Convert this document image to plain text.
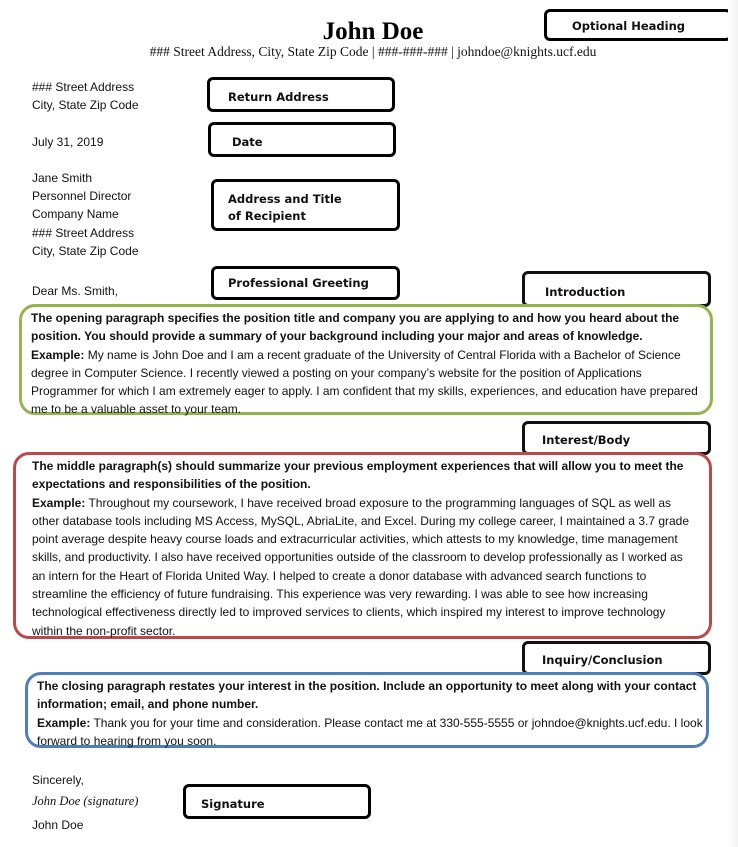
John Doe
### Street Address, City, State Zip Code | ###-###-### | johndoe@knights.ucf.edu
Optional Heading
### Street Address
City, State Zip Code
Return Address
July 31, 2019	Date
Jane Smith
Personnel Director
Company Name
### Street Address
City, State Zip Code
Address and Title
of Recipient
Dear Ms. Smith,
Professional Greeting
Introduction

The opening paragraph specifies the position title and company you are applying to and how you heard about the position. You should provide a summary of your background including your major and areas of knowledge.
Example: My name is John Doe and I am a recent graduate of the University of Central Florida with a Bachelor of Science degree in Computer Science. I recently viewed a posting on your company’s website for the position of Applications Programmer for which I am extremely eager to apply. I am confident that my skills, experiences, and education have prepared me to be a valuable asset to your team.

Interest/Body

The middle paragraph(s) should summarize your previous employment experiences that will allow you to meet the expectations and responsibilities of the position.
Example: Throughout my coursework, I have received broad exposure to the programming languages of SQL as well as other database tools including MS Access, MySQL, AbriaLite, and Excel. During my college career, I maintained a 3.7 grade point average despite heavy course loads and extracurricular activities, which attests to my knowledge, time management skills, and productivity. I also have received opportunities outside of the classroom to develop professionally as I worked as an intern for the Heart of Florida United Way. I helped to create a donor database with advanced search functions to streamline the efficiency of future fundraising. This experience was very rewarding. I was able to see how increasing technological effectiveness directly led to improved services to clients, which inspired my interest to improve technology within the non-profit sector.

Inquiry/Conclusion

The closing paragraph restates your interest in the position. Include an opportunity to meet along with your contact information; email, and phone number.
Example: Thank you for your time and consideration. Please contact me at 330-555-5555 or johndoe@knights.ucf.edu. I look forward to hearing from you soon.

Sincerely,
John Doe (signature)
John Doe
Signature
